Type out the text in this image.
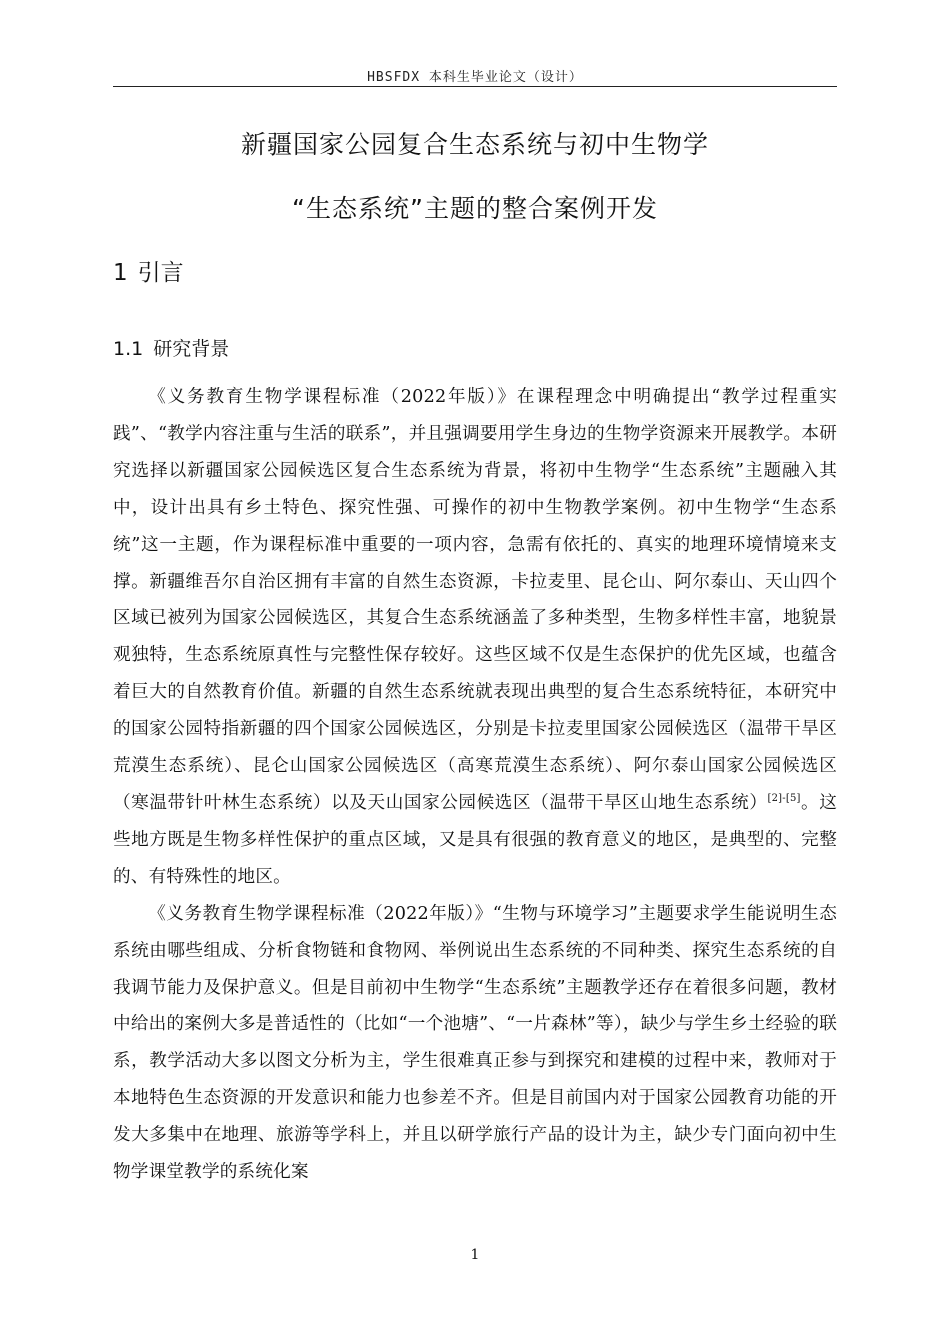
HBSFDX 本科生毕业论文（设计）
新疆国家公园复合生态系统与初中生物学
“生态系统”主题的整合案例开发
1 引言
1.1 研究背景

《义务教育生物学课程标准（2022年版）》在课程理念中明确提出“教学过程重实践”、“教学内容注重与生活的联系”，并且强调要用学生身边的生物学资源来开展教学。本研究选择以新疆国家公园候选区复合生态系统为背景，将初中生物学“生态系统”主题融入其中，设计出具有乡土特色、探究性强、可操作的初中生物教学案例。初中生物学“生态系统”这一主题，作为课程标准中重要的一项内容，急需有依托的、真实的地理环境情境来支撑。新疆维吾尔自治区拥有丰富的自然生态资源，卡拉麦里、昆仑山、阿尔泰山、天山四个区域已被列为国家公园候选区，其复合生态系统涵盖了多种类型，生物多样性丰富，地貌景观独特，生态系统原真性与完整性保存较好。这些区域不仅是生态保护的优先区域，也蕴含着巨大的自然教育价值。新疆的自然生态系统就表现出典型的复合生态系统特征，本研究中的国家公园特指新疆的四个国家公园候选区，分别是卡拉麦里国家公园候选区（温带干旱区荒漠生态系统）、昆仑山国家公园候选区（高寒荒漠生态系统）、阿尔泰山国家公园候选区（寒温带针叶林生态系统）以及天山国家公园候选区（温带干旱区山地生态系统）[2]-[5]。这些地方既是生物多样性保护的重点区域，又是具有很强的教育意义的地区，是典型的、完整的、有特殊性的地区。

《义务教育生物学课程标准（2022年版）》“生物与环境学习”主题要求学生能说明生态系统由哪些组成、分析食物链和食物网、举例说出生态系统的不同种类、探究生态系统的自我调节能力及保护意义。但是目前初中生物学“生态系统”主题教学还存在着很多问题，教材中给出的案例大多是普适性的（比如“一个池塘”、“一片森林”等），缺少与学生乡土经验的联系，教学活动大多以图文分析为主，学生很难真正参与到探究和建模的过程中来，教师对于本地特色生态资源的开发意识和能力也参差不齐。但是目前国内对于国家公园教育功能的开发大多集中在地理、旅游等学科上，并且以研学旅行产品的设计为主，缺少专门面向初中生物学课堂教学的系统化案

1
